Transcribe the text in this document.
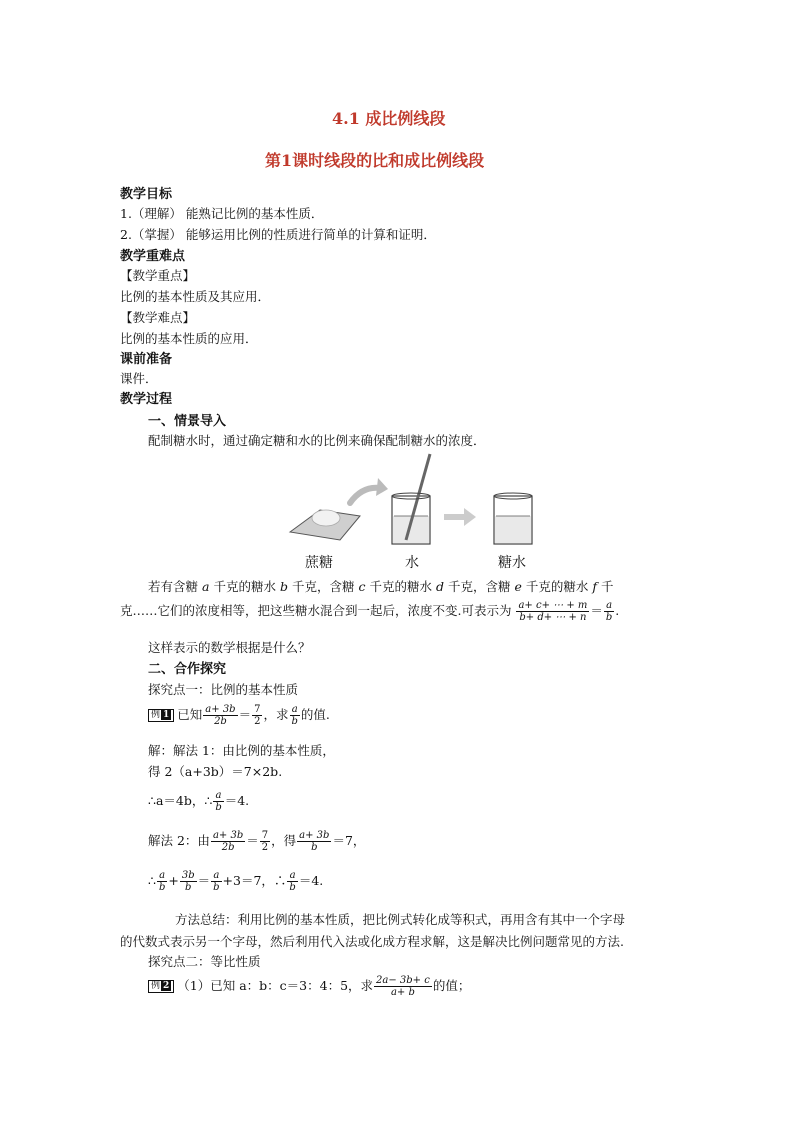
4.1 成比例线段
第1课时线段的比和成比例线段
教学目标
1.（理解） 能熟记比例的基本性质．
2.（掌握） 能够运用比例的性质进行简单的计算和证明．
教学重难点
【教学重点】
比例的基本性质及其应用．
【教学难点】
比例的基本性质的应用．
课前准备
课件．
教学过程
一、情景导入
配制糖水时，通过确定糖和水的比例来确保配制糖水的浓度．
蔗糖	水	糖水
若有含糖 a 千克的糖水 b 千克，含糖 c 千克的糖水 d 千克，含糖 e 千克的糖水 f 千
克……它们的浓度相等，把这些糖水混合到一起后，浓度不变.可表示为 $\frac{a+ c+ \cdots + m}{b+ d+ \cdots + n} = \frac{a}{b}$ .
这样表示的数学根据是什么？
二、合作探究
探究点一：比例的基本性质
例 1 已知 $\frac{a+ 3b}{2b} = \frac{7}{2}$ ，求 $\frac{a}{b}$ 的值.
解：解法 1：由比例的基本性质，
得 2（a+3b）＝7×2b.
∴a＝4b，∴ $\frac{a}{b} =4$.
解法 2：由 $\frac{a+ 3b}{2b} = \frac{7}{2}$ ，得 $\frac{a+ 3b}{b} =7$，
∴ $\frac{a}{b} + \frac{3b}{b} = \frac{a}{b} +3=7$，∴ $\frac{a}{b} =4$.
方法总结：利用比例的基本性质，把比例式转化成等积式，再用含有其中一个字母
的代数式表示另一个字母，然后利用代入法或化成方程求解，这是解决比例问题常见的方法.
探究点二：等比性质
例 2 （1）已知 a：b：c＝3：4：5，求 $\frac{2a- 3b+ c}{a+ b}$ 的值；
